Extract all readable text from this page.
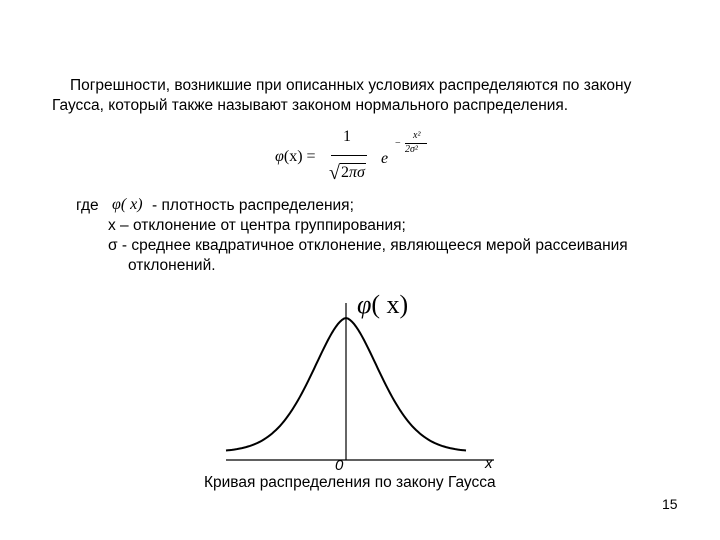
Погрешности, возникшие при описанных условиях распределяются по закону
Гаусса, который также называют законом нормального распределения.
φ(x) =
1
√2πσ
e
−
x²
2σ²
где φ( x) - плотность распределения;
x – отклонение от центра группирования;
σ - среднее квадратичное отклонение, являющееся мерой рассеивания
отклонений.
φ( x)
0	x
Кривая распределения по закону Гаусса
15
